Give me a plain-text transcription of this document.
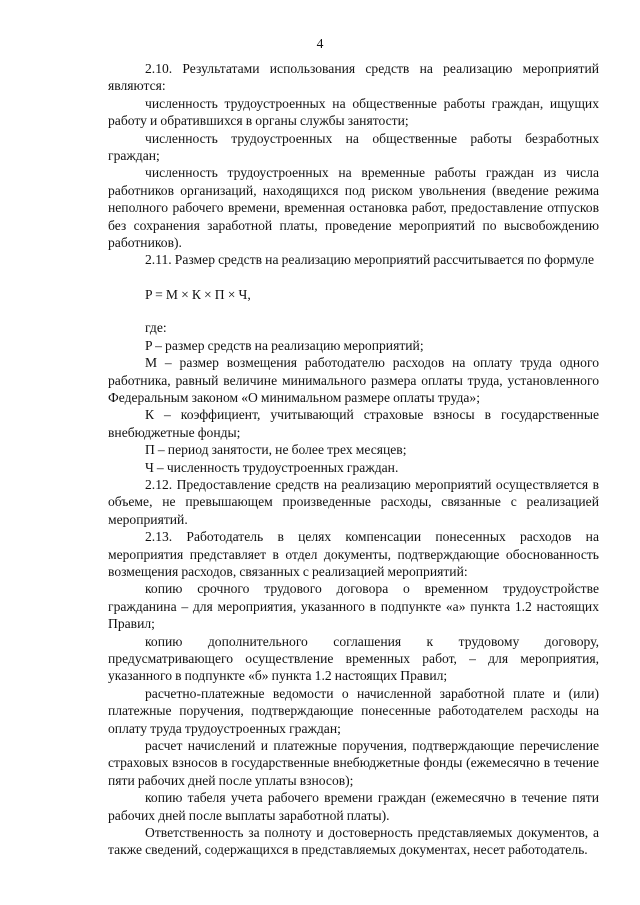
4

2.10. Результатами использования средств на реализацию мероприятий являются:

численность трудоустроенных на общественные работы граждан, ищущих работу и обратившихся в органы службы занятости;

численность трудоустроенных на общественные работы безработных граждан;

численность трудоустроенных на временные работы граждан из числа работников организаций, находящихся под риском увольнения (введение режима неполного рабочего времени, временная остановка работ, предоставление отпусков без сохранения заработной платы, проведение мероприятий по высвобождению работников).

2.11. Размер средств на реализацию мероприятий рассчитывается по формуле

P = M × К × П × Ч,

где:

P – размер средств на реализацию мероприятий;

М – размер возмещения работодателю расходов на оплату труда одного работника, равный величине минимального размера оплаты труда, установленного Федеральным законом «О минимальном размере оплаты труда»;

К – коэффициент, учитывающий страховые взносы в государственные внебюджетные фонды;

П – период занятости, не более трех месяцев;

Ч – численность трудоустроенных граждан.

2.12. Предоставление средств на реализацию мероприятий осуществляется в объеме, не превышающем произведенные расходы, связанные с реализацией мероприятий.

2.13. Работодатель в целях компенсации понесенных расходов на мероприятия представляет в отдел документы, подтверждающие обоснованность возмещения расходов, связанных с реализацией мероприятий:

копию срочного трудового договора о временном трудоустройстве гражданина – для мероприятия, указанного в подпункте «а» пункта 1.2 настоящих Правил;

копию дополнительного соглашения к трудовому договору, предусматривающего осуществление временных работ, – для мероприятия, указанного в подпункте «б» пункта 1.2 настоящих Правил;

расчетно-платежные ведомости о начисленной заработной плате и (или) платежные поручения, подтверждающие понесенные работодателем расходы на оплату труда трудоустроенных граждан;

расчет начислений и платежные поручения, подтверждающие перечисление страховых взносов в государственные внебюджетные фонды (ежемесячно в течение пяти рабочих дней после уплаты взносов);

копию табеля учета рабочего времени граждан (ежемесячно в течение пяти рабочих дней после выплаты заработной платы).

Ответственность за полноту и достоверность представляемых документов, а также сведений, содержащихся в представляемых документах, несет работодатель.
